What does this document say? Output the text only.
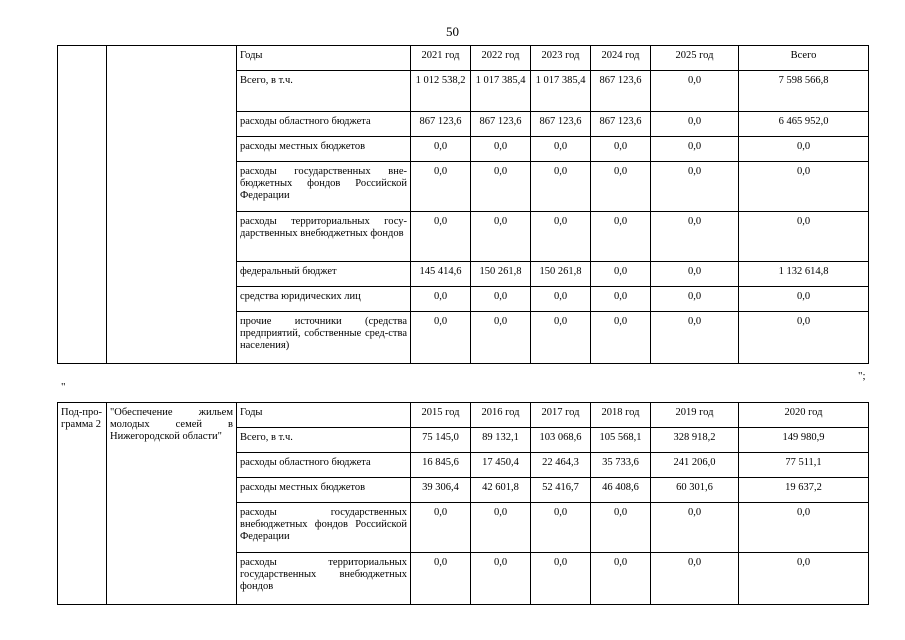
50
		Годы	2021 год	2022 год	2023 год	2024 год	2025 год	Всего
		Всего, в т.ч.	1 012 538,2	1 017 385,4	1 017 385,4	867 123,6	0,0	7 598 566,8
		расходы областного бюджета	867 123,6	867 123,6	867 123,6	867 123,6	0,0	6 465 952,0
		расходы местных бюджетов	0,0	0,0	0,0	0,0	0,0	0,0
		расходы государственных вне-бюджетных фондов Российской Федерации	0,0	0,0	0,0	0,0	0,0	0,0
		расходы территориальных госу-дарственных внебюджетных фондов	0,0	0,0	0,0	0,0	0,0	0,0
		федеральный бюджет	145 414,6	150 261,8	150 261,8	0,0	0,0	1 132 614,8
		средства юридических лиц	0,0	0,0	0,0	0,0	0,0	0,0
		прочие источники (средства предприятий, собственные сред-ства населения)	0,0	0,0	0,0	0,0	0,0	0,0
";
"
Под-про-грамма 2	"Обеспечение жильем молодых семей в Нижегородской области"	Годы	2015 год	2016 год	2017 год	2018 год	2019 год	2020 год
		Всего, в т.ч.	75 145,0	89 132,1	103 068,6	105 568,1	328 918,2	149 980,9
		расходы областного бюджета	16 845,6	17 450,4	22 464,3	35 733,6	241 206,0	77 511,1
		расходы местных бюджетов	39 306,4	42 601,8	52 416,7	46 408,6	60 301,6	19 637,2
		расходы государственных внебюджетных фондов Российской Федерации	0,0	0,0	0,0	0,0	0,0	0,0
		расходы территориальных государственных внебюджетных фондов	0,0	0,0	0,0	0,0	0,0	0,0
